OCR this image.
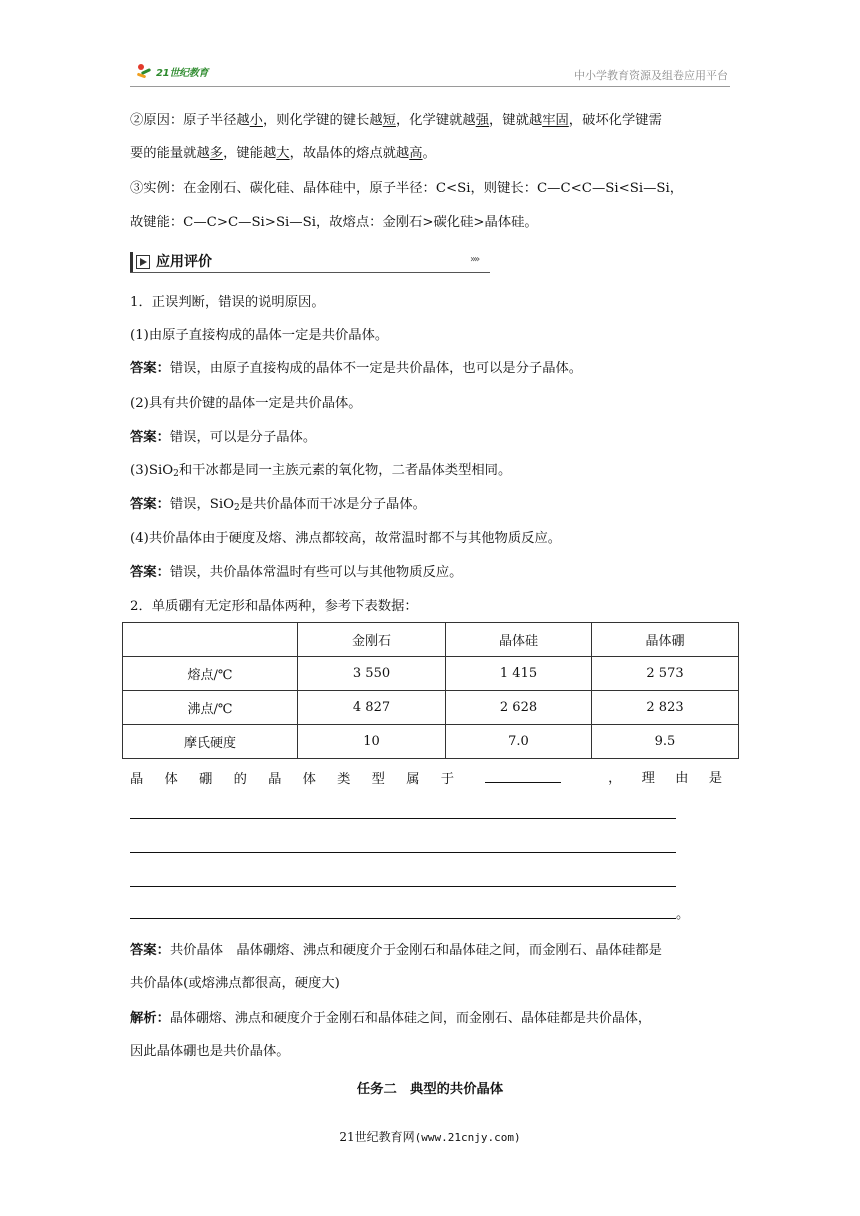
21世纪教育	中小学教育资源及组卷应用平台
②原因：原子半径越小，则化学键的键长越短，化学键就越强，键就越牢固，破坏化学键需
要的能量就越多，键能越大，故晶体的熔点就越高。
③实例：在金刚石、碳化硅、晶体硅中，原子半径：C<Si，则键长：C—C<C—Si<Si—Si，
故键能：C—C>C—Si>Si—Si，故熔点：金刚石>碳化硅>晶体硅。
应用评价	»»
1．正误判断，错误的说明原因。
(1)由原子直接构成的晶体一定是共价晶体。
答案：错误，由原子直接构成的晶体不一定是共价晶体，也可以是分子晶体。
(2)具有共价键的晶体一定是共价晶体。
答案：错误，可以是分子晶体。
(3)SiO$_2$和干冰都是同一主族元素的氧化物，二者晶体类型相同。
答案：错误，SiO$_2$是共价晶体而干冰是分子晶体。
(4)共价晶体由于硬度及熔、沸点都较高，故常温时都不与其他物质反应。
答案：错误，共价晶体常温时有些可以与其他物质反应。
2．单质硼有无定形和晶体两种，参考下表数据：
	金刚石	晶体硅	晶体硼
熔点/℃	3 550	1 415	2 573
沸点/℃	4 827	2 628	2 823
摩氏硬度	10	7.0	9.5
晶 体 硼 的 晶 体 类 型 属 于	， 理 由 是
。
答案：共价晶体　晶体硼熔、沸点和硬度介于金刚石和晶体硅之间，而金刚石、晶体硅都是
共价晶体(或熔沸点都很高，硬度大)
解析：晶体硼熔、沸点和硬度介于金刚石和晶体硅之间，而金刚石、晶体硅都是共价晶体，
因此晶体硼也是共价晶体。
任务二　典型的共价晶体
21世纪教育网(www.21cnjy.com)
